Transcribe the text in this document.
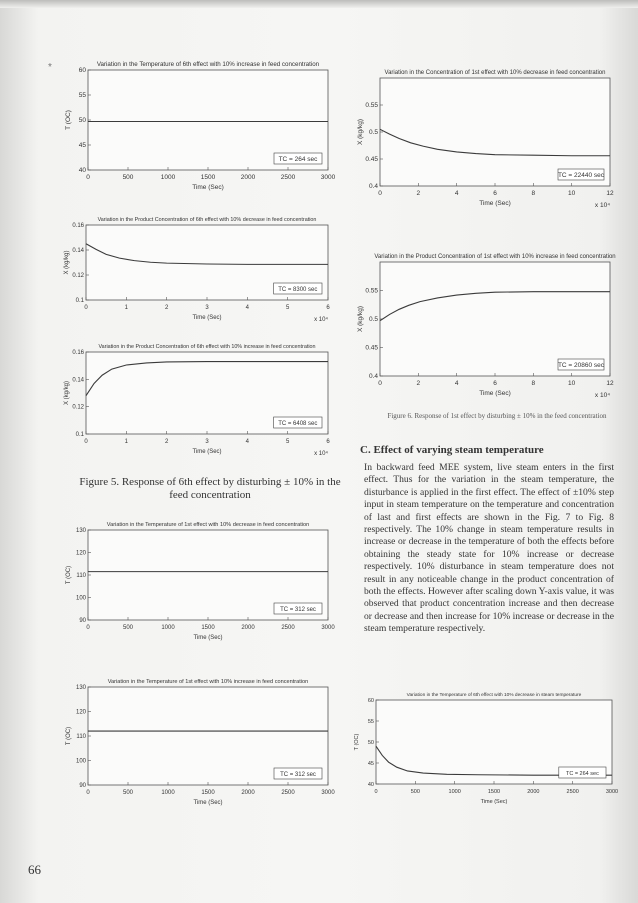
*	Variation in the Temperature of 6th effect with 10% increase in feed concentration
0	500	1000	1500	2000	2500	3000
40
45
50
55
60
Time (Sec)
T (OC)
TC = 264 sec
Variation in the Product Concentration of 6th effect with 10% decrease in feed concentration
0	1	2	3	4	5	6
0.1
0.12
0.14
0.16
Time (Sec)
X (kg/kg)
x 10⁴
TC = 8300 sec
Variation in the Product Concentration of 6th effect with 10% increase in feed concentration
0	1	2	3	4	5	6
0.1
0.12
0.14
0.16
Time (Sec)
X (kg/kg)
x 10⁴
TC = 6408 sec
Figure 5. Response of 6th effect by disturbing ± 10% in the feed concentration
Variation in the Temperature of 1st effect with 10% decrease in feed concentration
0	500	1000	1500	2000	2500	3000
90
100
110
120
130
Time (Sec)
T (OC)
TC = 312 sec
Variation in the Temperature of 1st effect with 10% increase in feed concentration
0	500	1000	1500	2000	2500	3000
90
100
110
120
130
Time (Sec)
T (OC)
TC = 312 sec
Variation in the Concentration of 1st effect with 10% decrease in feed concentration
0	2	4	6	8	10	12
0.4
0.45
0.5
0.55
Time (Sec)
X (kg/kg)
x 10⁴
TC = 22440 sec
Variation in the Product Concentration of 1st effect with 10% increase in feed concentration
0	2	4	6	8	10	12
0.4
0.45
0.5
0.55
Time (Sec)
X (kg/kg)
x 10⁴
TC = 20860 sec
Figure 6. Response of 1st effect by disturbing ± 10% in the feed concentration
C. Effect of varying steam temperature
In backward feed MEE system, live steam enters in the first effect. Thus for the variation in the steam temperature, the disturbance is applied in the first effect. The effect of ±10% step input in steam temperature on the temperature and concentration of last and first effects are shown in the Fig. 7 to Fig. 8 respectively. The 10% change in steam temperature results in increase or decrease in the temperature of both the effects before obtaining the steady state for 10% increase or decrease respectively. 10% disturbance in steam temperature does not result in any noticeable change in the product concentration of both the effects. However after scaling down Y-axis value, it was observed that product concentration increase and then decrease or decrease and then increase for 10% increase or decrease in the steam temperature respectively.
Variation in the Temperature of 6th effect with 10% decrease in steam temperature
0	500	1000	1500	2000	2500	3000
40
45
50
55
60
Time (Sec)
T (OC)
TC = 264 sec
66
